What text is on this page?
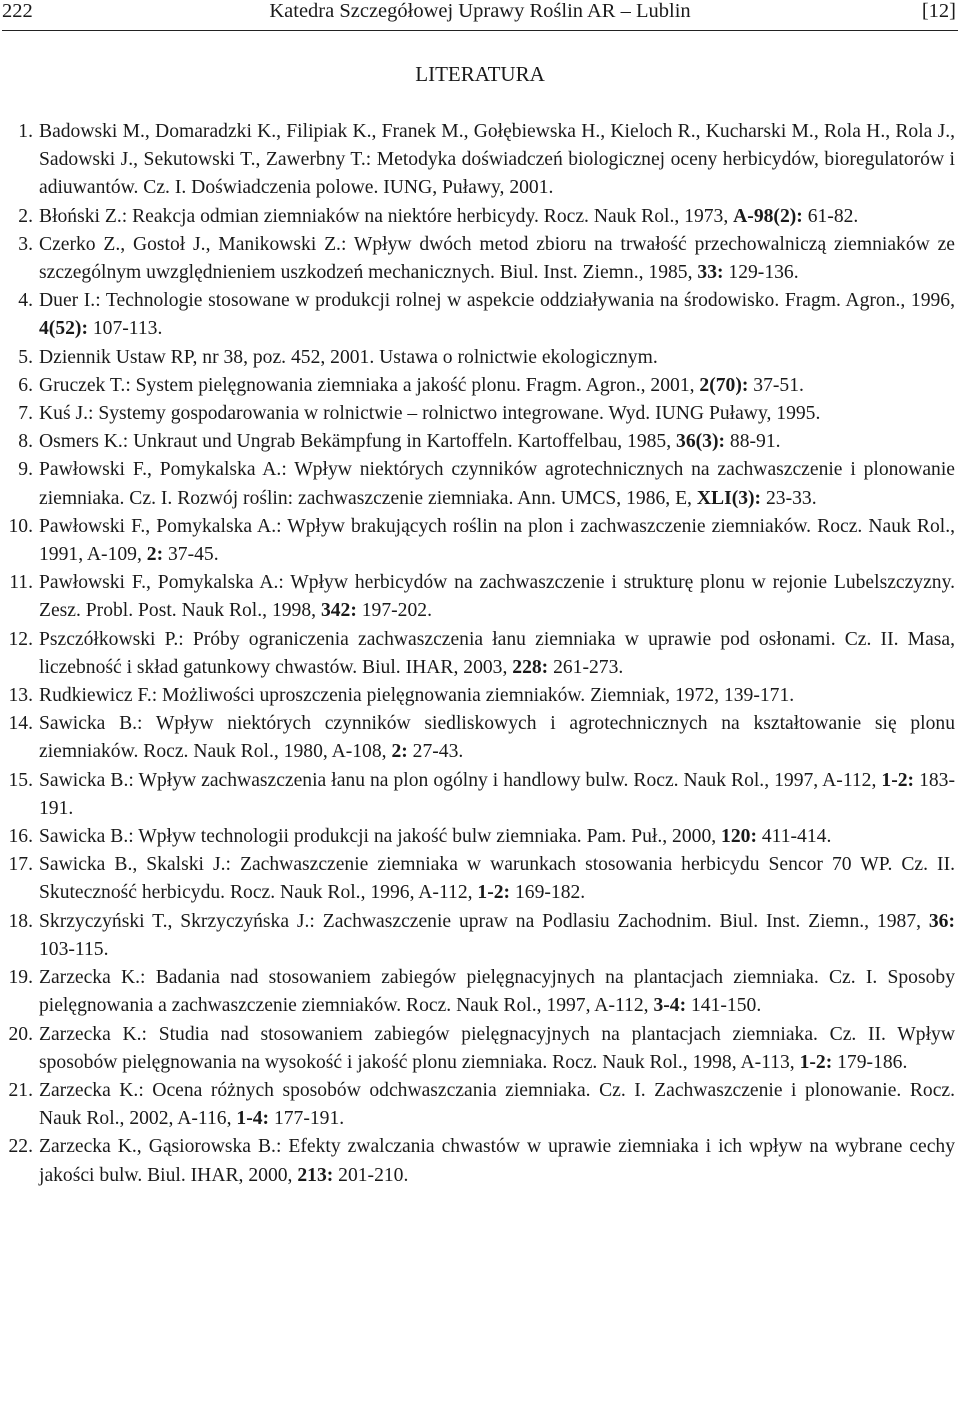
222	Katedra Szczegółowej Uprawy Roślin AR – Lublin	[12]
LITERATURA
1. Badowski M., Domaradzki K., Filipiak K., Franek M., Gołębiewska H., Kieloch R., Kucharski M., Rola H., Rola J., Sadowski J., Sekutowski T., Zawerbny T.: Metodyka doświadczeń biologicznej oceny herbicydów, bioregulatorów i adiuwantów. Cz. I. Doświadczenia polowe. IUNG, Puławy, 2001.
2. Błoński Z.: Reakcja odmian ziemniaków na niektóre herbicydy. Rocz. Nauk Rol., 1973, A-98(2): 61-82.
3. Czerko Z., Gostoł J., Manikowski Z.: Wpływ dwóch metod zbioru na trwałość przechowalniczą ziemniaków ze szczególnym uwzględnieniem uszkodzeń mechanicznych. Biul. Inst. Ziemn., 1985, 33: 129-136.
4. Duer I.: Technologie stosowane w produkcji rolnej w aspekcie oddziaływania na środowisko. Fragm. Agron., 1996, 4(52): 107-113.
5. Dziennik Ustaw RP, nr 38, poz. 452, 2001. Ustawa o rolnictwie ekologicznym.
6. Gruczek T.: System pielęgnowania ziemniaka a jakość plonu. Fragm. Agron., 2001, 2(70): 37-51.
7. Kuś J.: Systemy gospodarowania w rolnictwie – rolnictwo integrowane. Wyd. IUNG Puławy, 1995.
8. Osmers K.: Unkraut und Ungrab Bekämpfung in Kartoffeln. Kartoffelbau, 1985, 36(3): 88-91.
9. Pawłowski F., Pomykalska A.: Wpływ niektórych czynników agrotechnicznych na zachwaszczenie i plonowanie ziemniaka. Cz. I. Rozwój roślin: zachwaszczenie ziemniaka. Ann. UMCS, 1986, E, XLI(3): 23-33.
10. Pawłowski F., Pomykalska A.: Wpływ brakujących roślin na plon i zachwaszczenie ziemniaków. Rocz. Nauk Rol., 1991, A-109, 2: 37-45.
11. Pawłowski F., Pomykalska A.: Wpływ herbicydów na zachwaszczenie i strukturę plonu w rejonie Lubelszczyzny. Zesz. Probl. Post. Nauk Rol., 1998, 342: 197-202.
12. Pszczółkowski P.: Próby ograniczenia zachwaszczenia łanu ziemniaka w uprawie pod osłonami. Cz. II. Masa, liczebność i skład gatunkowy chwastów. Biul. IHAR, 2003, 228: 261-273.
13. Rudkiewicz F.: Możliwości uproszczenia pielęgnowania ziemniaków. Ziemniak, 1972, 139-171.
14. Sawicka B.: Wpływ niektórych czynników siedliskowych i agrotechnicznych na kształtowanie się plonu ziemniaków. Rocz. Nauk Rol., 1980, A-108, 2: 27-43.
15. Sawicka B.: Wpływ zachwaszczenia łanu na plon ogólny i handlowy bulw. Rocz. Nauk Rol., 1997, A-112, 1-2: 183-191.
16. Sawicka B.: Wpływ technologii produkcji na jakość bulw ziemniaka. Pam. Puł., 2000, 120: 411-414.
17. Sawicka B., Skalski J.: Zachwaszczenie ziemniaka w warunkach stosowania herbicydu Sencor 70 WP. Cz. II. Skuteczność herbicydu. Rocz. Nauk Rol., 1996, A-112, 1-2: 169-182.
18. Skrzyczyński T., Skrzyczyńska J.: Zachwaszczenie upraw na Podlasiu Zachodnim. Biul. Inst. Ziemn., 1987, 36: 103-115.
19. Zarzecka K.: Badania nad stosowaniem zabiegów pielęgnacyjnych na plantacjach ziemniaka. Cz. I. Sposoby pielęgnowania a zachwaszczenie ziemniaków. Rocz. Nauk Rol., 1997, A-112, 3-4: 141-150.
20. Zarzecka K.: Studia nad stosowaniem zabiegów pielęgnacyjnych na plantacjach ziemniaka. Cz. II. Wpływ sposobów pielęgnowania na wysokość i jakość plonu ziemniaka. Rocz. Nauk Rol., 1998, A-113, 1-2: 179-186.
21. Zarzecka K.: Ocena różnych sposobów odchwaszczania ziemniaka. Cz. I. Zachwaszczenie i plonowanie. Rocz. Nauk Rol., 2002, A-116, 1-4: 177-191.
22. Zarzecka K., Gąsiorowska B.: Efekty zwalczania chwastów w uprawie ziemniaka i ich wpływ na wybrane cechy jakości bulw. Biul. IHAR, 2000, 213: 201-210.
